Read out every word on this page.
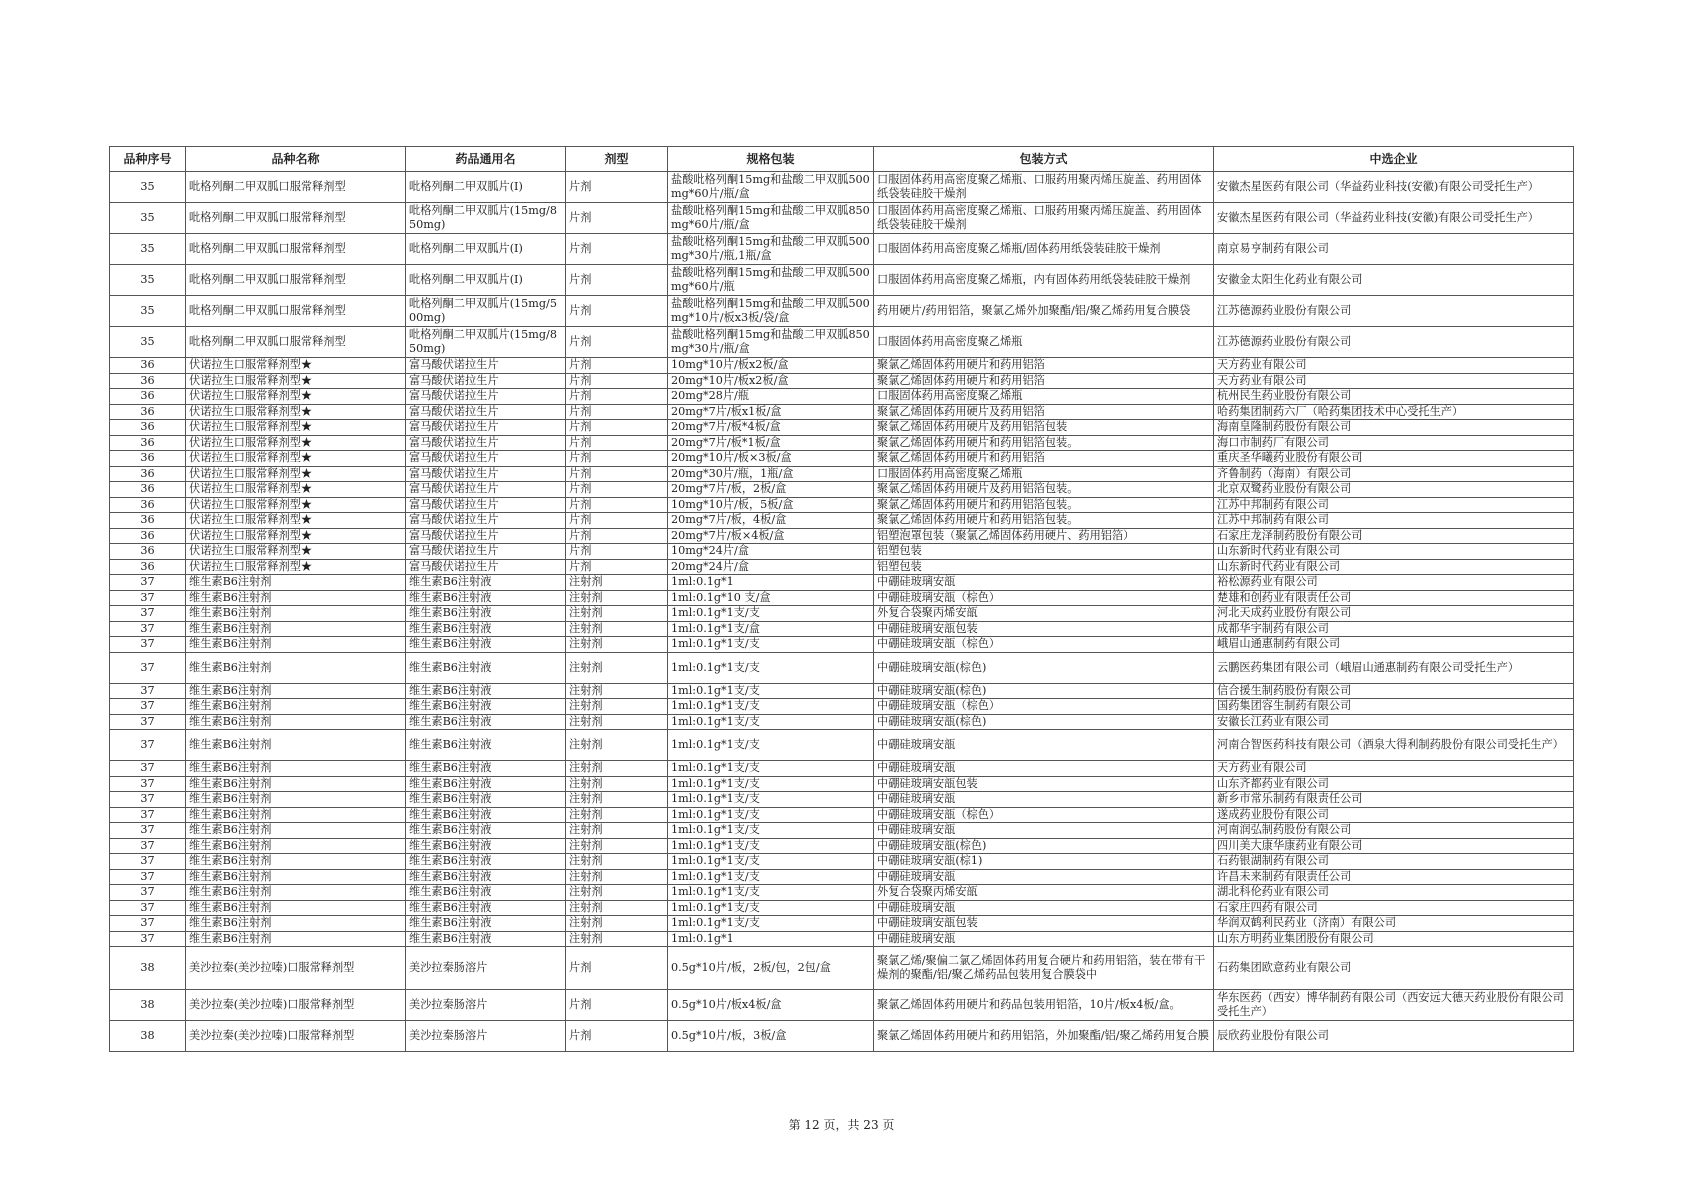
品种序号	品种名称	药品通用名	剂型	规格包装	包装方式	中选企业
35	吡格列酮二甲双胍口服常释剂型	吡格列酮二甲双胍片(Ⅰ)	片剂	盐酸吡格列酮15mg和盐酸二甲双胍500mg*60片/瓶/盒	口服固体药用高密度聚乙烯瓶、口服药用聚丙烯压旋盖、药用固体纸袋装硅胶干燥剂	安徽杰星医药有限公司（华益药业科技(安徽)有限公司受托生产）
35	吡格列酮二甲双胍口服常释剂型	吡格列酮二甲双胍片(15mg/850mg)	片剂	盐酸吡格列酮15mg和盐酸二甲双胍850mg*60片/瓶/盒	口服固体药用高密度聚乙烯瓶、口服药用聚丙烯压旋盖、药用固体纸袋装硅胶干燥剂	安徽杰星医药有限公司（华益药业科技(安徽)有限公司受托生产）
35	吡格列酮二甲双胍口服常释剂型	吡格列酮二甲双胍片(Ⅰ)	片剂	盐酸吡格列酮15mg和盐酸二甲双胍500mg*30片/瓶,1瓶/盒	口服固体药用高密度聚乙烯瓶/固体药用纸袋装硅胶干燥剂	南京易亨制药有限公司
35	吡格列酮二甲双胍口服常释剂型	吡格列酮二甲双胍片(Ⅰ)	片剂	盐酸吡格列酮15mg和盐酸二甲双胍500mg*60片/瓶	口服固体药用高密度聚乙烯瓶，内有固体药用纸袋装硅胶干燥剂	安徽金太阳生化药业有限公司
35	吡格列酮二甲双胍口服常释剂型	吡格列酮二甲双胍片(15mg/500mg)	片剂	盐酸吡格列酮15mg和盐酸二甲双胍500mg*10片/板x3板/袋/盒	药用硬片/药用铝箔，聚氯乙烯外加聚酯/铝/聚乙烯药用复合膜袋	江苏德源药业股份有限公司
35	吡格列酮二甲双胍口服常释剂型	吡格列酮二甲双胍片(15mg/850mg)	片剂	盐酸吡格列酮15mg和盐酸二甲双胍850mg*30片/瓶/盒	口服固体药用高密度聚乙烯瓶	江苏德源药业股份有限公司
36	伏诺拉生口服常释剂型★	富马酸伏诺拉生片	片剂	10mg*10片/板x2板/盒	聚氯乙烯固体药用硬片和药用铝箔	天方药业有限公司
36	伏诺拉生口服常释剂型★	富马酸伏诺拉生片	片剂	20mg*10片/板x2板/盒	聚氯乙烯固体药用硬片和药用铝箔	天方药业有限公司
36	伏诺拉生口服常释剂型★	富马酸伏诺拉生片	片剂	20mg*28片/瓶	口服固体药用高密度聚乙烯瓶	杭州民生药业股份有限公司
36	伏诺拉生口服常释剂型★	富马酸伏诺拉生片	片剂	20mg*7片/板x1板/盒	聚氯乙烯固体药用硬片及药用铝箔	哈药集团制药六厂（哈药集团技术中心受托生产）
36	伏诺拉生口服常释剂型★	富马酸伏诺拉生片	片剂	20mg*7片/板*4板/盒	聚氯乙烯固体药用硬片及药用铝箔包装	海南皇隆制药股份有限公司
36	伏诺拉生口服常释剂型★	富马酸伏诺拉生片	片剂	20mg*7片/板*1板/盒	聚氯乙烯固体药用硬片和药用铝箔包装。	海口市制药厂有限公司
36	伏诺拉生口服常释剂型★	富马酸伏诺拉生片	片剂	20mg*10片/板×3板/盒	聚氯乙烯固体药用硬片和药用铝箔	重庆圣华曦药业股份有限公司
36	伏诺拉生口服常释剂型★	富马酸伏诺拉生片	片剂	20mg*30片/瓶，1瓶/盒	口服固体药用高密度聚乙烯瓶	齐鲁制药（海南）有限公司
36	伏诺拉生口服常释剂型★	富马酸伏诺拉生片	片剂	20mg*7片/板，2板/盒	聚氯乙烯固体药用硬片及药用铝箔包装。	北京双鹭药业股份有限公司
36	伏诺拉生口服常释剂型★	富马酸伏诺拉生片	片剂	10mg*10片/板，5板/盒	聚氯乙烯固体药用硬片和药用铝箔包装。	江苏中邦制药有限公司
36	伏诺拉生口服常释剂型★	富马酸伏诺拉生片	片剂	20mg*7片/板，4板/盒	聚氯乙烯固体药用硬片和药用铝箔包装。	江苏中邦制药有限公司
36	伏诺拉生口服常释剂型★	富马酸伏诺拉生片	片剂	20mg*7片/板×4板/盒	铝塑泡罩包装（聚氯乙烯固体药用硬片、药用铝箔）	石家庄龙泽制药股份有限公司
36	伏诺拉生口服常释剂型★	富马酸伏诺拉生片	片剂	10mg*24片/盒	铝塑包装	山东新时代药业有限公司
36	伏诺拉生口服常释剂型★	富马酸伏诺拉生片	片剂	20mg*24片/盒	铝塑包装	山东新时代药业有限公司
37	维生素B6注射剂	维生素B6注射液	注射剂	1ml:0.1g*1	中硼硅玻璃安瓿	裕松源药业有限公司
37	维生素B6注射剂	维生素B6注射液	注射剂	1ml:0.1g*10 支/盒	中硼硅玻璃安瓿（棕色）	楚雄和创药业有限责任公司
37	维生素B6注射剂	维生素B6注射液	注射剂	1ml:0.1g*1支/支	外复合袋聚丙烯安瓿	河北天成药业股份有限公司
37	维生素B6注射剂	维生素B6注射液	注射剂	1ml:0.1g*1支/盒	中硼硅玻璃安瓿包装	成都华宇制药有限公司
37	维生素B6注射剂	维生素B6注射液	注射剂	1ml:0.1g*1支/支	中硼硅玻璃安瓿（棕色）	峨眉山通惠制药有限公司
37	维生素B6注射剂	维生素B6注射液	注射剂	1ml:0.1g*1支/支	中硼硅玻璃安瓿(棕色)	云鹏医药集团有限公司（峨眉山通惠制药有限公司受托生产）
37	维生素B6注射剂	维生素B6注射液	注射剂	1ml:0.1g*1支/支	中硼硅玻璃安瓿(棕色)	信合援生制药股份有限公司
37	维生素B6注射剂	维生素B6注射液	注射剂	1ml:0.1g*1支/支	中硼硅玻璃安瓿（棕色）	国药集团容生制药有限公司
37	维生素B6注射剂	维生素B6注射液	注射剂	1ml:0.1g*1支/支	中硼硅玻璃安瓿(棕色)	安徽长江药业有限公司
37	维生素B6注射剂	维生素B6注射液	注射剂	1ml:0.1g*1支/支	中硼硅玻璃安瓿	河南合智医药科技有限公司（酒泉大得利制药股份有限公司受托生产）
37	维生素B6注射剂	维生素B6注射液	注射剂	1ml:0.1g*1支/支	中硼硅玻璃安瓿	天方药业有限公司
37	维生素B6注射剂	维生素B6注射液	注射剂	1ml:0.1g*1支/支	中硼硅玻璃安瓿包装	山东齐都药业有限公司
37	维生素B6注射剂	维生素B6注射液	注射剂	1ml:0.1g*1支/支	中硼硅玻璃安瓿	新乡市常乐制药有限责任公司
37	维生素B6注射剂	维生素B6注射液	注射剂	1ml:0.1g*1支/支	中硼硅玻璃安瓿（棕色）	遂成药业股份有限公司
37	维生素B6注射剂	维生素B6注射液	注射剂	1ml:0.1g*1支/支	中硼硅玻璃安瓿	河南润弘制药股份有限公司
37	维生素B6注射剂	维生素B6注射液	注射剂	1ml:0.1g*1支/支	中硼硅玻璃安瓿(棕色)	四川美大康华康药业有限公司
37	维生素B6注射剂	维生素B6注射液	注射剂	1ml:0.1g*1支/支	中硼硅玻璃安瓿(棕1)	石药银湖制药有限公司
37	维生素B6注射剂	维生素B6注射液	注射剂	1ml:0.1g*1支/支	中硼硅玻璃安瓿	许昌未来制药有限责任公司
37	维生素B6注射剂	维生素B6注射液	注射剂	1ml:0.1g*1支/支	外复合袋聚丙烯安瓿	湖北科伦药业有限公司
37	维生素B6注射剂	维生素B6注射液	注射剂	1ml:0.1g*1支/支	中硼硅玻璃安瓿	石家庄四药有限公司
37	维生素B6注射剂	维生素B6注射液	注射剂	1ml:0.1g*1支/支	中硼硅玻璃安瓿包装	华润双鹤利民药业（济南）有限公司
37	维生素B6注射剂	维生素B6注射液	注射剂	1ml:0.1g*1	中硼硅玻璃安瓿	山东方明药业集团股份有限公司
38	美沙拉秦(美沙拉嗪)口服常释剂型	美沙拉秦肠溶片	片剂	0.5g*10片/板，2板/包，2包/盒	聚氯乙烯/聚偏二氯乙烯固体药用复合硬片和药用铝箔，装在带有干燥剂的聚酯/铝/聚乙烯药品包装用复合膜袋中	石药集团欧意药业有限公司
38	美沙拉秦(美沙拉嗪)口服常释剂型	美沙拉秦肠溶片	片剂	0.5g*10片/板x4板/盒	聚氯乙烯固体药用硬片和药品包装用铝箔，10片/板x4板/盒。	华东医药（西安）博华制药有限公司（西安远大德天药业股份有限公司受托生产）
38	美沙拉秦(美沙拉嗪)口服常释剂型	美沙拉秦肠溶片	片剂	0.5g*10片/板，3板/盒	聚氯乙烯固体药用硬片和药用铝箔，外加聚酯/铝/聚乙烯药用复合膜	辰欣药业股份有限公司
第 12 页，共 23 页
